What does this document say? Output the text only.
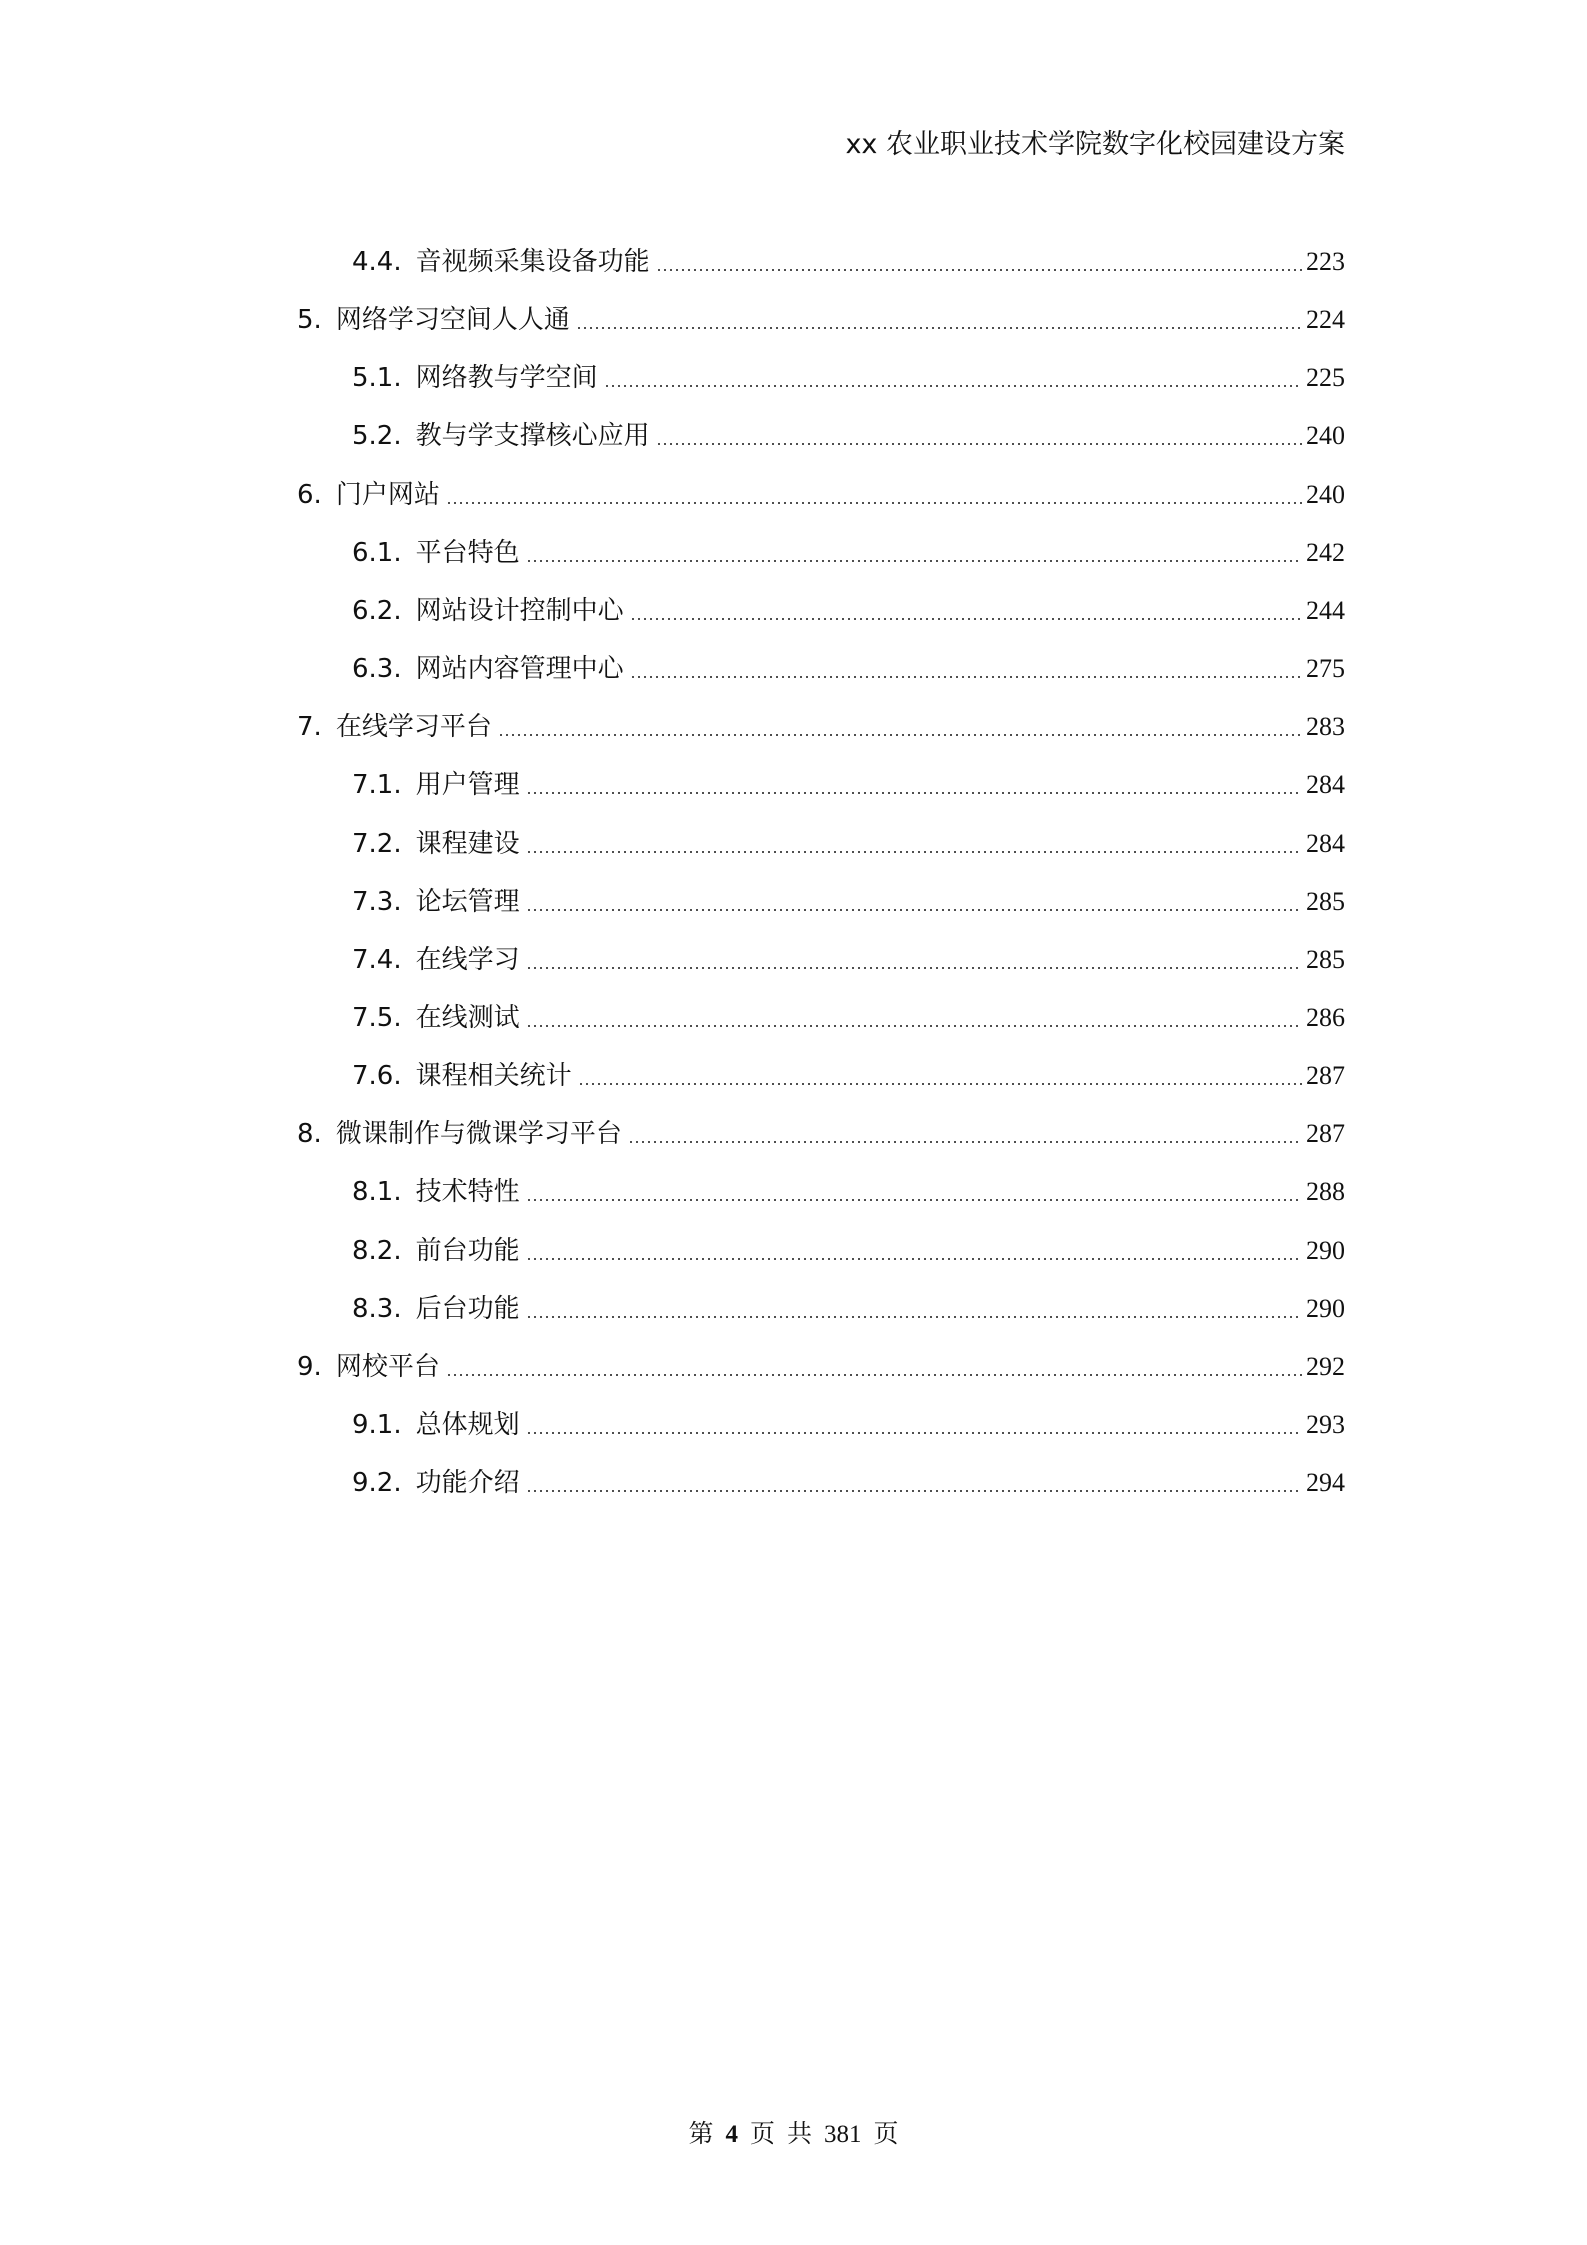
xx 农业职业技术学院数字化校园建设方案
4.4. 音视频采集设备功能	223
5. 网络学习空间人人通	224
5.1. 网络教与学空间	225
5.2. 教与学支撑核心应用	240
6. 门户网站	240
6.1. 平台特色	242
6.2. 网站设计控制中心	244
6.3. 网站内容管理中心	275
7. 在线学习平台	283
7.1. 用户管理	284
7.2. 课程建设	284
7.3. 论坛管理	285
7.4. 在线学习	285
7.5. 在线测试	286
7.6. 课程相关统计	287
8. 微课制作与微课学习平台	287
8.1. 技术特性	288
8.2. 前台功能	290
8.3. 后台功能	290
9. 网校平台	292
9.1. 总体规划	293
9.2. 功能介绍	294
第 4 页 共 381 页
